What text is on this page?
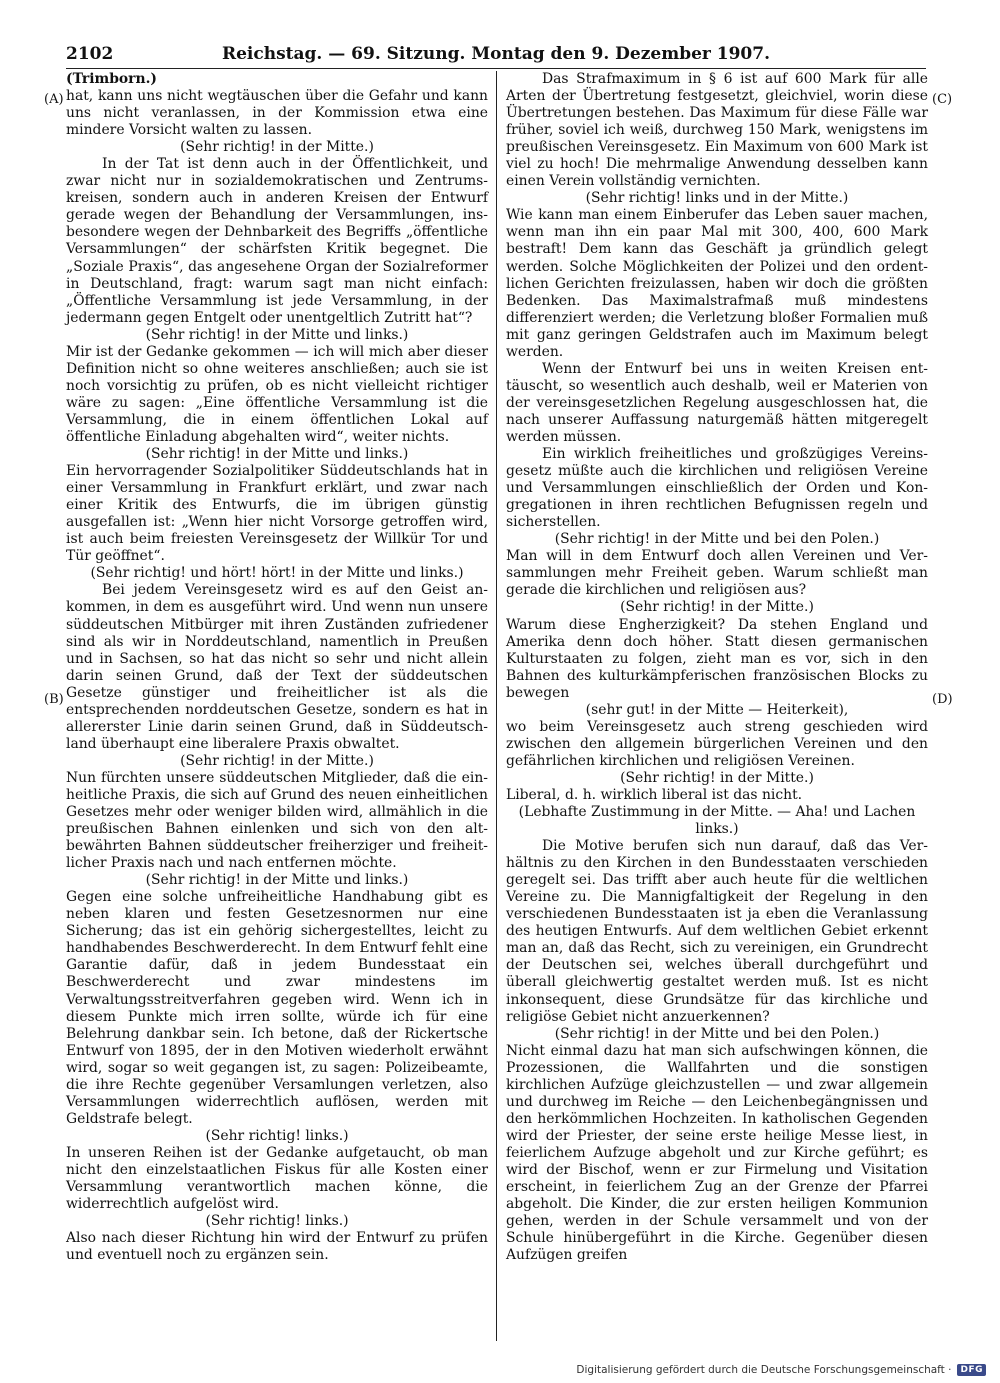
2102	Reichstag. — 69. Sitzung. Montag den 9. Dezember 1907.
(A)
(B)
(C)
(D)

(Trimborn.)

hat, kann uns nicht wegtäuschen über die Gefahr und kann uns nicht veranlassen, in der Kommission etwa eine mindere Vorsicht walten zu lassen.

(Sehr richtig! in der Mitte.)

In der Tat ist denn auch in der Öffentlichkeit, und zwar nicht nur in sozialdemokratischen und Zentrumskreisen, sondern auch in anderen Kreisen der Entwurf gerade wegen der Behandlung der Versammlungen, insbesondere wegen der Dehnbarkeit des Begriffs „öffentliche Versammlungen“ der schärfsten Kritik begegnet. Die „Soziale Praxis“, das angesehene Organ der Sozialreformer in Deutschland, fragt: warum sagt man nicht einfach: „Öffentliche Versammlung ist jede Versammlung, in der jedermann gegen Entgelt oder unentgeltlich Zutritt hat“?

(Sehr richtig! in der Mitte und links.)

Mir ist der Gedanke gekommen — ich will mich aber dieser Definition nicht so ohne weiteres anschließen; auch sie ist noch vorsichtig zu prüfen, ob es nicht vielleicht richtiger wäre zu sagen: „Eine öffentliche Versammlung ist die Versammlung, die in einem öffentlichen Lokal auf öffentliche Einladung abgehalten wird“, weiter nichts.

(Sehr richtig! in der Mitte und links.)

Ein hervorragender Sozialpolitiker Süddeutschlands hat in einer Versammlung in Frankfurt erklärt, und zwar nach einer Kritik des Entwurfs, die im übrigen günstig ausgefallen ist: „Wenn hier nicht Vorsorge getroffen wird, ist auch beim freiesten Vereinsgesetz der Willkür Tor und Tür geöffnet“.

(Sehr richtig! und hört! hört! in der Mitte und links.)

Bei jedem Vereinsgesetz wird es auf den Geist ankommen, in dem es ausgeführt wird. Und wenn nun unsere süddeutschen Mitbürger mit ihren Zuständen zufriedener sind als wir in Norddeutschland, namentlich in Preußen und in Sachsen, so hat das nicht so sehr und nicht allein darin seinen Grund, daß der Text der süddeutschen Gesetze günstiger und freiheitlicher ist als die entsprechenden norddeutschen Gesetze, sondern es hat in allererster Linie darin seinen Grund, daß in Süddeutschland überhaupt eine liberalere Praxis obwaltet.

(Sehr richtig! in der Mitte.)

Nun fürchten unsere süddeutschen Mitglieder, daß die einheitliche Praxis, die sich auf Grund des neuen einheitlichen Gesetzes mehr oder weniger bilden wird, allmählich in die preußischen Bahnen einlenken und sich von den altbewährten Bahnen süddeutscher freiherziger und freiheitlicher Praxis nach und nach entfernen möchte.

(Sehr richtig! in der Mitte und links.)

Gegen eine solche unfreiheitliche Handhabung gibt es neben klaren und festen Gesetzesnormen nur eine Sicherung; das ist ein gehörig sichergestelltes, leicht zu handhabendes Beschwerderecht. In dem Entwurf fehlt eine Garantie dafür, daß in jedem Bundesstaat ein Beschwerderecht und zwar mindestens im Verwaltungsstreitverfahren gegeben wird. Wenn ich in diesem Punkte mich irren sollte, würde ich für eine Belehrung dankbar sein. Ich betone, daß der Rickertsche Entwurf von 1895, der in den Motiven wiederholt erwähnt wird, sogar so weit gegangen ist, zu sagen: Polizeibeamte, die ihre Rechte gegenüber Versamlungen verletzen, also Versammlungen widerrechtlich auflösen, werden mit Geldstrafe belegt.

(Sehr richtig! links.)

In unseren Reihen ist der Gedanke aufgetaucht, ob man nicht den einzelstaatlichen Fiskus für alle Kosten einer Versammlung verantwortlich machen könne, die widerrechtlich aufgelöst wird.

(Sehr richtig! links.)

Also nach dieser Richtung hin wird der Entwurf zu prüfen und eventuell noch zu ergänzen sein.

Das Strafmaximum in § 6 ist auf 600 Mark für alle Arten der Übertretung festgesetzt, gleichviel, worin diese Übertretungen bestehen. Das Maximum für diese Fälle war früher, soviel ich weiß, durchweg 150 Mark, wenigstens im preußischen Vereinsgesetz. Ein Maximum von 600 Mark ist viel zu hoch! Die mehrmalige Anwendung desselben kann einen Verein vollständig vernichten.

(Sehr richtig! links und in der Mitte.)

Wie kann man einem Einberufer das Leben sauer machen, wenn man ihn ein paar Mal mit 300, 400, 600 Mark bestraft! Dem kann das Geschäft ja gründlich gelegt werden. Solche Möglichkeiten der Polizei und den ordentlichen Gerichten freizulassen, haben wir doch die größten Bedenken. Das Maximalstrafmaß muß mindestens differenziert werden; die Verletzung bloßer Formalien muß mit ganz geringen Geldstrafen auch im Maximum belegt werden.

Wenn der Entwurf bei uns in weiten Kreisen enttäuscht, so wesentlich auch deshalb, weil er Materien von der vereinsgesetzlichen Regelung ausgeschlossen hat, die nach unserer Auffassung naturgemäß hätten mitgeregelt werden müssen.

Ein wirklich freiheitliches und großzügiges Vereinsgesetz müßte auch die kirchlichen und religiösen Vereine und Versammlungen einschließlich der Orden und Kongregationen in ihren rechtlichen Befugnissen regeln und sicherstellen.

(Sehr richtig! in der Mitte und bei den Polen.)

Man will in dem Entwurf doch allen Vereinen und Versammlungen mehr Freiheit geben. Warum schließt man gerade die kirchlichen und religiösen aus?

(Sehr richtig! in der Mitte.)

Warum diese Engherzigkeit? Da stehen England und Amerika denn doch höher. Statt diesen germanischen Kulturstaaten zu folgen, zieht man es vor, sich in den Bahnen des kulturkämpferischen französischen Blocks zu bewegen

(sehr gut! in der Mitte — Heiterkeit),

wo beim Vereinsgesetz auch streng geschieden wird zwischen den allgemein bürgerlichen Vereinen und den gefährlichen kirchlichen und religiösen Vereinen.

(Sehr richtig! in der Mitte.)

Liberal, d. h. wirklich liberal ist das nicht.

(Lebhafte Zustimmung in der Mitte. — Aha! und Lachen links.)

Die Motive berufen sich nun darauf, daß das Verhältnis zu den Kirchen in den Bundesstaaten verschieden geregelt sei. Das trifft aber auch heute für die weltlichen Vereine zu. Die Mannigfaltigkeit der Regelung in den verschiedenen Bundesstaaten ist ja eben die Veranlassung des heutigen Entwurfs. Auf dem weltlichen Gebiet erkennt man an, daß das Recht, sich zu vereinigen, ein Grundrecht der Deutschen sei, welches überall durchgeführt und überall gleichwertig gestaltet werden muß. Ist es nicht inkonsequent, diese Grundsätze für das kirchliche und religiöse Gebiet nicht anzuerkennen?

(Sehr richtig! in der Mitte und bei den Polen.)

Nicht einmal dazu hat man sich aufschwingen können, die Prozessionen, die Wallfahrten und die sonstigen kirchlichen Aufzüge gleichzustellen — und zwar allgemein und durchweg im Reiche — den Leichenbegängnissen und den herkömmlichen Hochzeiten. In katholischen Gegenden wird der Priester, der seine erste heilige Messe liest, in feierlichem Aufzuge abgeholt und zur Kirche geführt; es wird der Bischof, wenn er zur Firmelung und Visitation erscheint, in feierlichem Zug an der Grenze der Pfarrei abgeholt. Die Kinder, die zur ersten heiligen Kommunion gehen, werden in der Schule versammelt und von der Schule hinübergeführt in die Kirche. Gegenüber diesen Aufzügen greifen

Digitalisierung gefördert durch die Deutsche Forschungsgemeinschaft ·	DFG
